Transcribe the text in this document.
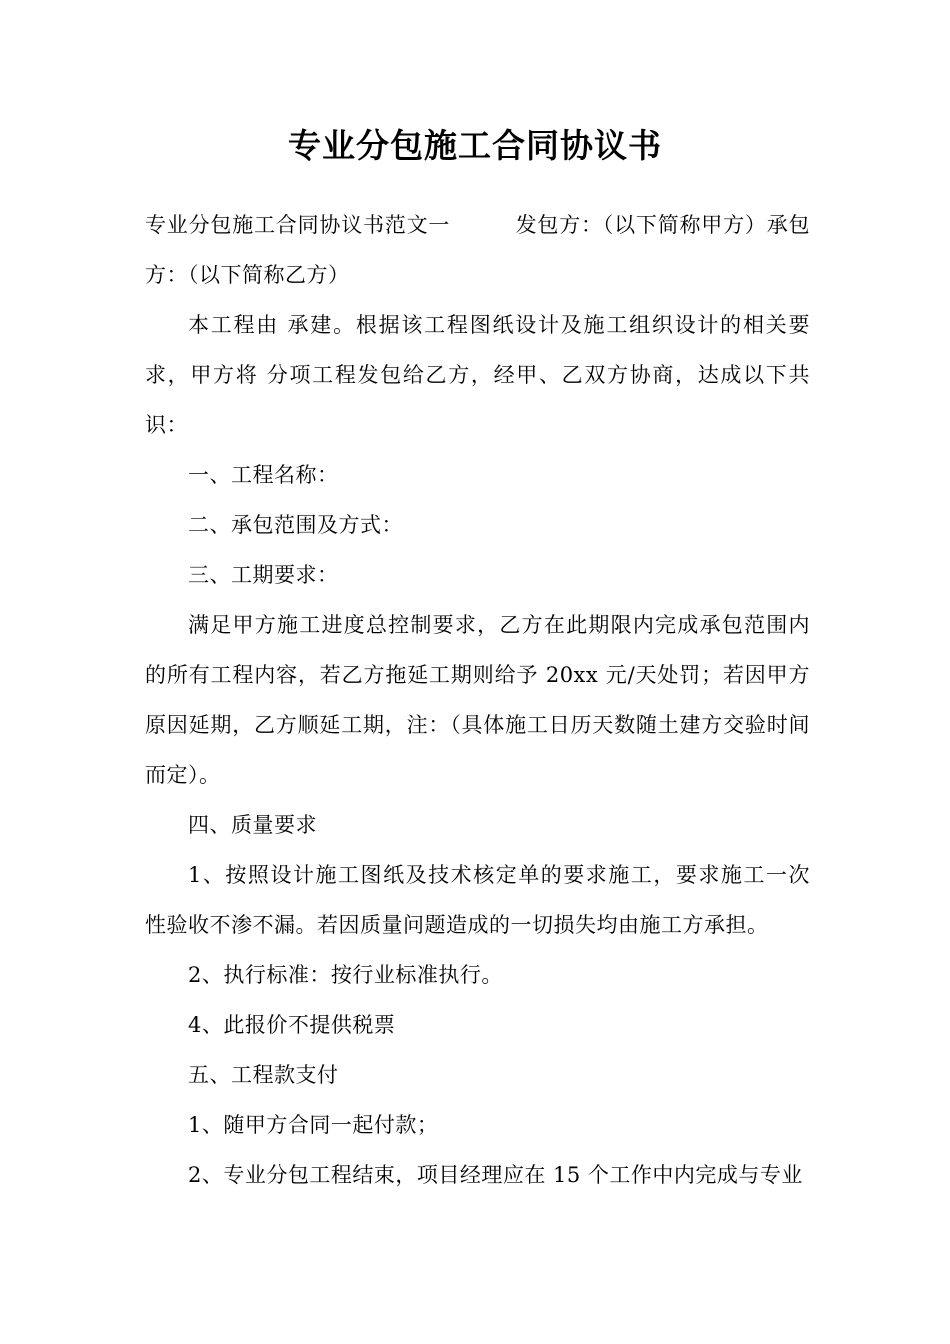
专业分包施工合同协议书

专业分包施工合同协议书范文一　　　发包方：（以下简称甲方）承包方：（以下简称乙方）

本工程由 承建。根据该工程图纸设计及施工组织设计的相关要求，甲方将 分项工程发包给乙方，经甲、乙双方协商，达成以下共识：

一、工程名称：

二、承包范围及方式：

三、工期要求：

满足甲方施工进度总控制要求，乙方在此期限内完成承包范围内的所有工程内容，若乙方拖延工期则给予 20xx 元/天处罚；若因甲方原因延期，乙方顺延工期，注：（具体施工日历天数随土建方交验时间而定）。

四、质量要求

1、按照设计施工图纸及技术核定单的要求施工，要求施工一次 性验收不渗不漏。若因质量问题造成的一切损失均由施工方承担。

2、执行标准：按行业标准执行。

4、此报价不提供税票

五、工程款支付

1、随甲方合同一起付款；

2、专业分包工程结束，项目经理应在 15 个工作中内完成与专业
